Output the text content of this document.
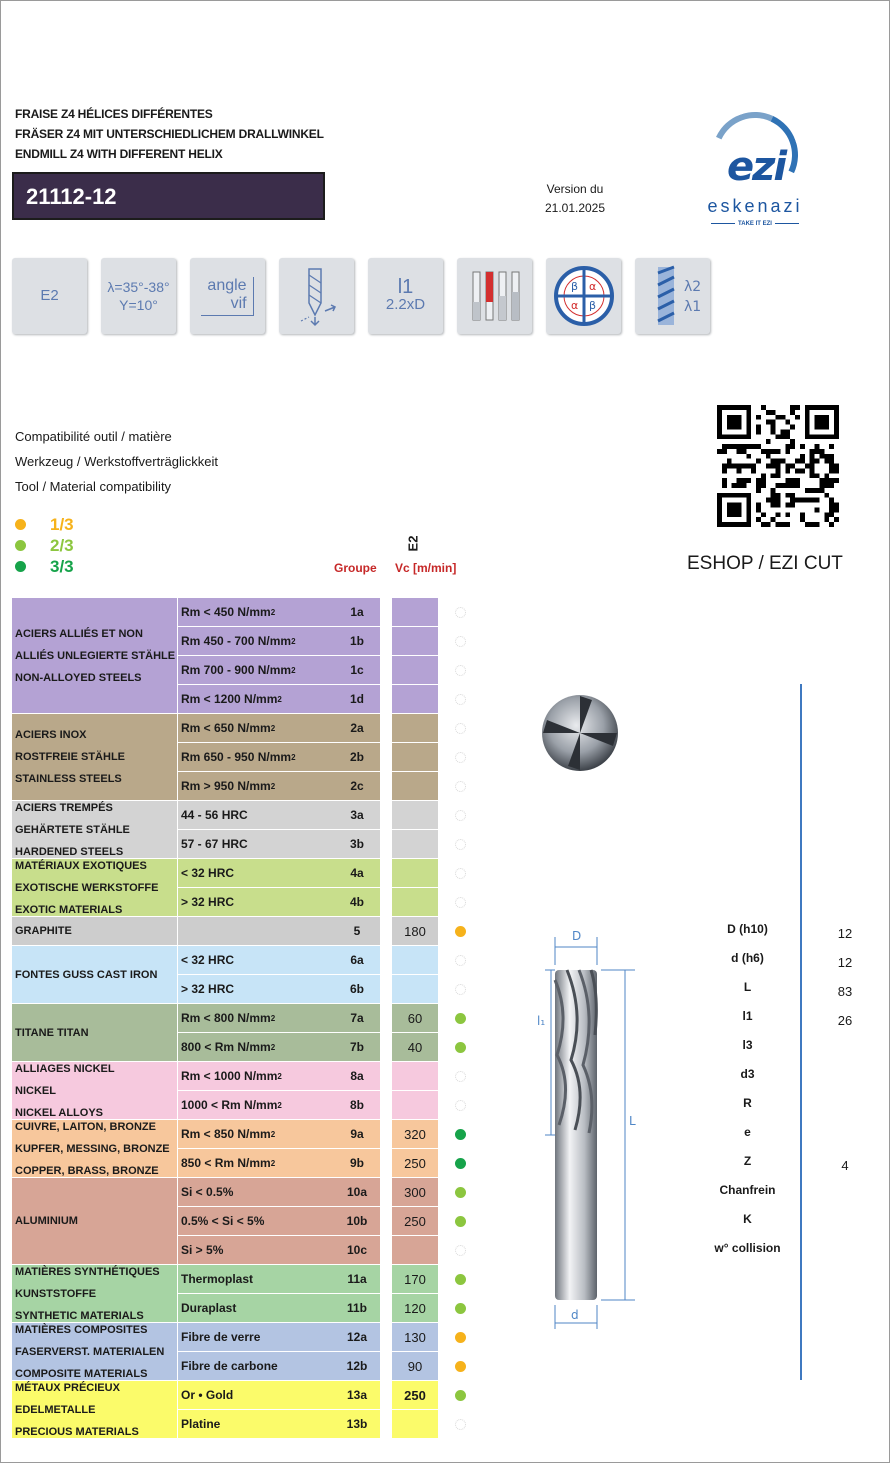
FRAISE Z4 HÉLICES DIFFÉRENTES
FRÄSER Z4 MIT UNTERSCHIEDLICHEM DRALLWINKEL
ENDMILL Z4 WITH DIFFERENT HELIX
21112-12	Version du
21.01.2025
ezi
eskenazi
TAKE IT EZI
E2	λ=35°-38°
Y=10°
angle
vif
l1
2.2xD
β α
α β
λ2
λ1
Compatibilité outil / matière
Werkzeug / Werkstoffverträglickkeit
Tool / Material compatibility
1/3
2/3
3/3	ESHOP / EZI CUT
E2
Groupe Vc [m/min]
ACIERS ALLIÉS ET NON
ALLIÉS UNLEGIERTE STÄHLE
NON-ALLOYED STEELS
Rm < 450 N/mm 2	1a
Rm 450 - 700 N/mm 2	1b
Rm 700 - 900 N/mm 2	1c
Rm < 1200 N/mm 2	1d
ACIERS INOX
ROSTFREIE STÄHLE
STAINLESS STEELS
Rm < 650 N/mm 2	2a
Rm 650 - 950 N/mm 2	2b
Rm > 950 N/mm 2	2c
ACIERS TREMPÉS
GEHÄRTETE STÄHLE
HARDENED STEELS
44 - 56 HRC	3a
57 - 67 HRC	3b
MATÉRIAUX EXOTIQUES
EXOTISCHE WERKSTOFFE
EXOTIC MATERIALS
< 32 HRC	4a
> 32 HRC	4b
GRAPHITE	5	180
FONTES GUSS CAST IRON
< 32 HRC	6a
> 32 HRC	6b
TITANE TITAN
Rm < 800 N/mm 2	7a	60
800 < Rm N/mm 2	7b	40
ALLIAGES NICKEL
NICKEL
NICKEL ALLOYS
Rm < 1000 N/mm 2	8a
1000 < Rm N/mm 2	8b
CUIVRE, LAITON, BRONZE
KUPFER, MESSING, BRONZE
COPPER, BRASS, BRONZE
Rm < 850 N/mm 2	9a	320
850 < Rm N/mm 2	9b	250
ALUMINIUM
Si < 0.5%	10a	300
0.5% < Si < 5%	10b	250
Si > 5%	10c
MATIÈRES SYNTHÉTIQUES
KUNSTSTOFFE
SYNTHETIC MATERIALS
Thermoplast	11a	170
Duraplast	11b	120
MATIÈRES COMPOSITES
FASERVERST. MATERIALEN
COMPOSITE MATERIALS
Fibre de verre	12a	130
Fibre de carbone	12b	90
MÉTAUX PRÉCIEUX
EDELMETALLE
PRECIOUS MATERIALS
Or • Gold	13a	250
Platine	13b
D
l₁
L
d
D (h10)	12
d (h6)	12
L	83
l1	26
l3
d3
R
e
Z	4
Chanfrein
K
w° collision
